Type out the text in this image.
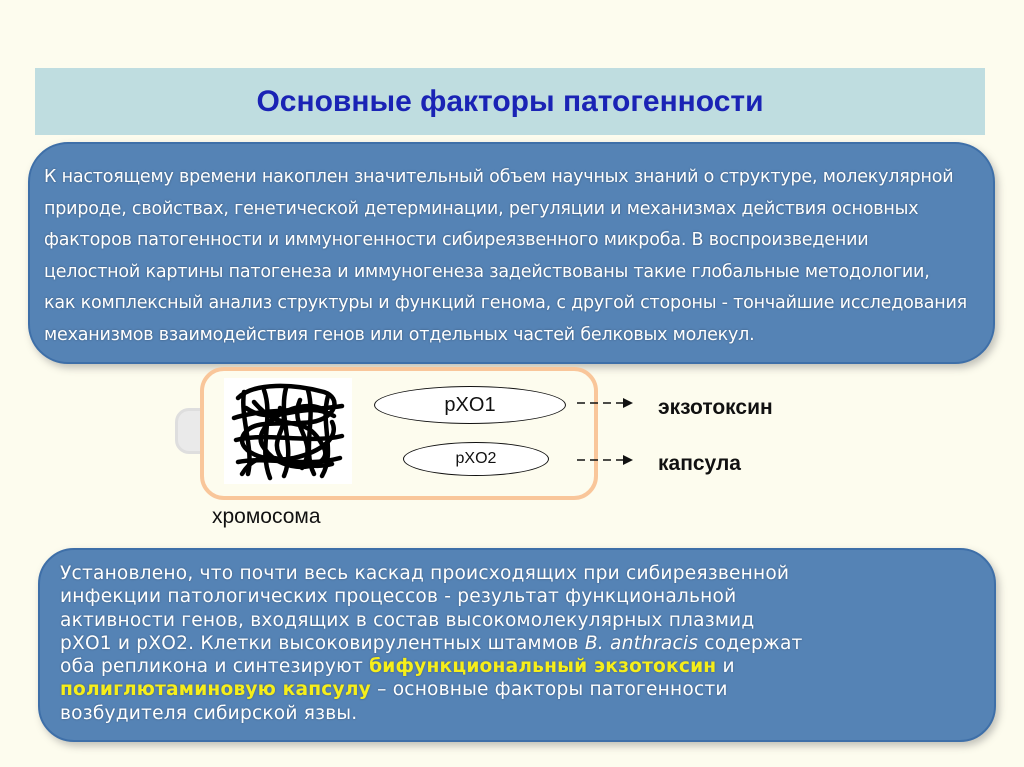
Основные факторы патогенности
К настоящему времени накоплен значительный объем научных знаний о структуре, молекулярной
природе, свойствах, генетической детерминации, регуляции и механизмах действия основных
факторов патогенности и иммуногенности сибиреязвенного микроба. В воспроизведении
целостной картины патогенеза и иммуногенеза задействованы такие глобальные методологии,
как комплексный анализ структуры и функций генома, с другой стороны - тончайшие исследования
механизмов взаимодействия генов или отдельных частей белковых молекул.
pXO1
pXO2
экзотоксин
капсула
хромосома
Установлено, что почти весь каскад происходящих при сибиреязвенной
инфекции патологических процессов - результат функциональной
активности генов, входящих в состав высокомолекулярных плазмид
рХО1 и рХО2. Клетки высоковирулентных штаммов B. anthracis содержат
оба репликона и синтезируют бифункциональный экзотоксин и
полиглютаминовую капсулу – основные факторы патогенности
возбудителя сибирской язвы.
